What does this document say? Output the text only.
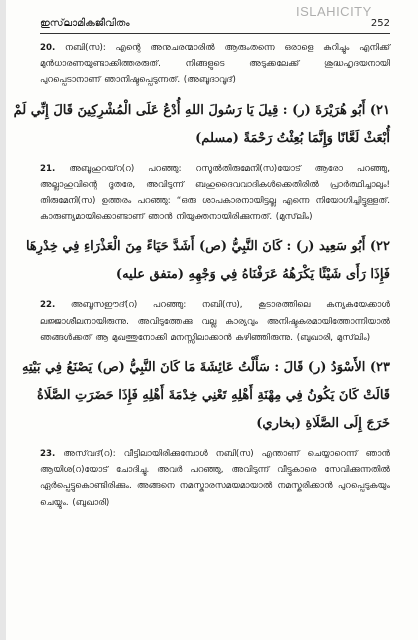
ISLAHICITY
ഇസ്‌ലാമികജീവിതം	252

20. നബി(സ): എന്റെ അനുചരന്മാരിൽ ആരുംതന്നെ ഒരാളെ കുറിച്ചും എനിക്ക് മുൻധാരണയുണ്ടാക്കിത്തരരുത്. നിങ്ങളുടെ അടുക്കലേക്ക് ശുദ്ധഹൃദയനായി പുറപ്പെടാനാണ് ഞാനിഷ്ടപ്പെടുന്നത്. (അബൂദാവൂദ്)

٢١) أَبُو هُرَيْرَةَ (ر) : قِيلَ يَا رَسُولَ اللهِ أُدْعُ عَلَى الْمُشْرِكِينَ قَالَ إِنِّي لَمْ
أُبْعَثْ لَعَّانًا وَإِنَّمَا بُعِثْتُ رَحْمَةً (مسلم)

21. അബൂഹുറയ്‌റ(റ) പറഞ്ഞു: റസൂൽതിരുമേനി(സ)യോട് ആരോ പറഞ്ഞു, അല്ലാഹുവിന്റെ ദൂതരേ, അവിടുന്ന് ബഹുദൈവവാദികൾക്കെതിരിൽ പ്രാർത്ഥിച്ചാലും! തിരുമേനി(സ) ഉത്തരം പറഞ്ഞു: “ഒരു ശാപകാരനായിട്ടല്ല എന്നെ നിയോഗിച്ചിട്ടുള്ളത്. കാരുണ്യമായിക്കൊണ്ടാണ് ഞാൻ നിയുക്തനായിരിക്കുന്നത്. (മുസ്‌ലിം)

٢٢) أَبُو سَعِيد (ر) : كَانَ النَّبِيُّ (ص) أَشَدَّ حَيَاءً مِنَ الْعَذْرَاءِ فِي خِدْرِهَا
فَإِذَا رَأَى شَيْئًا يَكْرَهُهُ عَرَفْنَاهُ فِي وَجْهِهِ (متفق عليه)

22. അബൂസഈദ്(റ) പറഞ്ഞു: നബി(സ), കൂടാരത്തിലെ കന്യകയേക്കാൾ ലജ്ജാശീലനായിരുന്നു. അവിടുത്തേക്കു വല്ല കാര്യവും അനിഷ്ടകരമായിത്തോന്നിയാൽ ഞങ്ങൾക്കത് ആ മുഖത്തുനോക്കി മനസ്സിലാക്കാൻ കഴിഞ്ഞിരുന്നു. (ബുഖാരി, മുസ്‌ലിം)

٢٣) الأَسْوَدُ (ر) قَالَ : سَأَلْتُ عَائِشَةَ مَا كَانَ النَّبِيُّ (ص) يَصْنَعُ فِي بَيْتِهِ
قَالَتْ كَانَ يَكُونُ فِي مِهْنَةِ أَهْلِهِ تَعْنِي خِدْمَةَ أَهْلِهِ فَإِذَا حَضَرَتِ الصَّلَاةُ
خَرَجَ إِلَى الصَّلَاةِ (بخاري)

23. അസ്‌വദ്(റ): വീട്ടിലായിരിക്കുമ്പോൾ നബി(സ) എന്താണ് ചെയ്യാറെന്ന് ഞാൻ ആയിശ(റ)യോട് ചോദിച്ചു. അവർ പറഞ്ഞു, അവിടുന്ന് വീട്ടുകാരെ സേവിക്കുന്നതിൽ ഏർപ്പെട്ടുകൊണ്ടിരിക്കും. അങ്ങനെ നമസ്കാരസമയമായാൽ നമസ്കരിക്കാൻ പുറപ്പെടുകയും ചെയ്യും. (ബുഖാരി)
